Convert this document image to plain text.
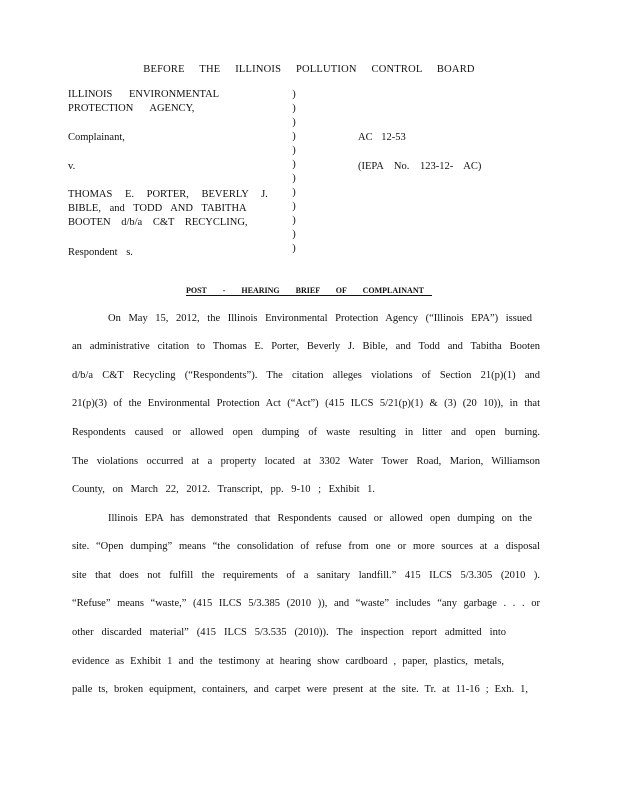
BEFORE THE ILLINOIS POLLUTION CONTROL BOARD
ILLINOIS ENVIRONMENTAL
PROTECTION AGENCY,
Complainant,
v.
THOMAS E. PORTER, BEVERLY J.
BIBLE, and TODD AND TABITHA
BOOTEN d/b/a C&T RECYCLING,
Respondent s.
)
)
)
)
)
)
)
)
)
)
)
)
AC 12-53
(IEPA No. 123-12- AC)
POST - HEARING BRIEF OF COMPLAINANT
On May 15, 2012, the Illinois Environmental Protection Agency (“Illinois EPA”) issued
an administrative citation to Thomas E. Porter, Beverly J. Bible, and Todd and Tabitha Booten
d/b/a C&T Recycling (“Respondents”). The citation alleges violations of Section 21(p)(1) and
21(p)(3) of the Environmental Protection Act (“Act”) (415 ILCS 5/21(p)(1) & (3) (20 10)), in that
Respondents caused or allowed open dumping of waste resulting in litter and open burning.
The violations occurred at a property located at 3302 Water Tower Road, Marion, Williamson
County, on March 22, 2012. Transcript, pp. 9-10 ; Exhibit 1.
Illinois EPA has demonstrated that Respondents caused or allowed open dumping on the
site. “Open dumping” means “the consolidation of refuse from one or more sources at a disposal
site that does not fulfill the requirements of a sanitary landfill.” 415 ILCS 5/3.305 (2010 ).
“Refuse” means “waste,” (415 ILCS 5/3.385 (2010 )), and “waste” includes “any garbage . . . or
other discarded material” (415 ILCS 5/3.535 (2010)). The inspection report admitted into
evidence as Exhibit 1 and the testimony at hearing show cardboard , paper, plastics, metals,
palle ts, broken equipment, containers, and carpet were present at the site. Tr. at 11-16 ; Exh. 1,
